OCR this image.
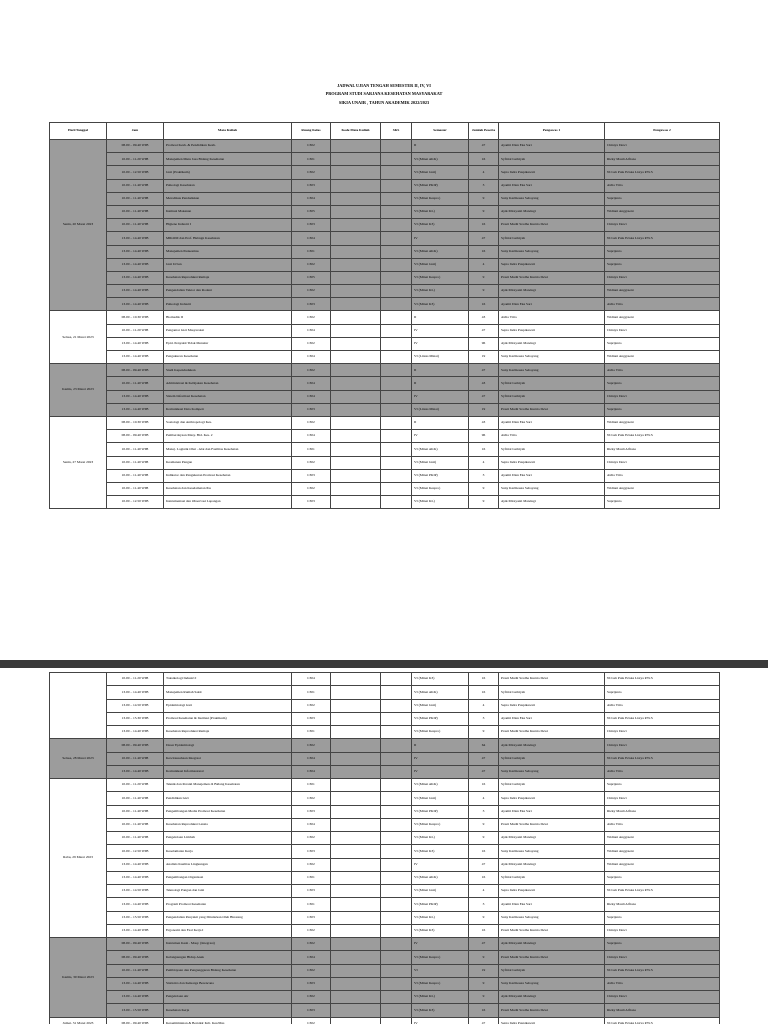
JADWAL UJIAN TENGAH SEMESTER II, IV, VI
PROGRAM STUDI SARJANA KESEHATAN MASYARAKAT
SIKIA UNAIR , TAHUN AKADEMIK 2022/2023
Hari/Tanggal	Jam	Mata Kuliah	Ruang Kelas	Kode Mata Kuliah	SKS	Semester	Jumlah Peserta	Pengawas 1	Pengawas 2
Senin, 20 Maret 2023	08.00 – 09.40 WIB	Promosi Kesh. & Pendidikan Kesh.	C302			II	47	Ayamti Dian Eka Sari	Chintya Dewi
	10.00 – 11.20 WIB	Manajemen Mutu Jasa Bidang Kesehatan	C301			VI (Minat AKK)	16	Syfirial Luthiyah	Rizky Mauli Alfiona
	10.00 – 12.50 WIB	Gizi (Praktikum)	C302			VI (Minat Gizi)	4	Septa Indra Puspikawati	Ni Luh Putu Eriska Listya P.W.S
	10.00 – 11.40 WIB	Psikologi Kesehatan	C303			VI (Minat PKIP)	3	Ayamti Dian Eka Sari	Aldia Vrita
	10.00 – 11.40 WIB	Metodikus Pendudukan	C304			VI (Minat Kespro)	9	Suny Kartikasza Sebayang	Suprijanto
	10.00 – 11.40 WIB	Institusi Makanan	C305			VI (Minat KL)	9	Ayik Mirayanti Mandagi	Widiani Anggraeni
	10.00 – 11.40 WIB	Higiene Industri I	C303			VI (Minat K3)	16	Prasti Mudit Sradha Kurnia Dewi	Chintya Dewi
	13.00 – 14.40 WIB	MIKOM dan Prof. Hubngn Kesehatan	C304			IV	47	Syfirial Luthiyah	Ni Luh Putu Eriska Listya P.W.S
	13.00 – 14.40 WIB	Manajemen Puskesmas	C301			VI (Minat AKK)	16	Suny Kartikasza Sebayang	Suprijanto
	13.00 – 14.40 WIB	Gizi Urban	C302			VI (Minat Gizi)	4	Septa Indra Puspikawati	Suprijanto
	13.00 – 14.40 WIB	Kesehatan Reproduksi Remaja	C305			VI (Minat Kespro)	9	Prasti Mudit Sradha Kurnia Dewi	Chintya Dewi
	13.00 – 14.40 WIB	Pengendalian Vektor dan Rodent	C302			VI (Minat KL)	9	Ayik Mirayanti Mandagi	Widiani Anggraeni
	13.00 – 14.40 WIB	Psikologi Industri	C303			VI (Minat K3)	16	Ayamti Dian Eka Sari	Aldia Vrita
Selasa, 21 Maret 2023	08.00 – 10.30 WIB	Biomedik II	C302			II	43	Aldia Vrita	Widiani Anggraeni
	10.00 – 11.20 WIB	Pengantar Gizi Masyarakat	C304			IV	47	Septa Indra Puspikawati	Chintya Dewi
	13.00 – 14.40 WIB	Epid. Penyakit Tidak Menular	C302			IV	96	Ayik Mirayanti Mandagi	Suprijanto
	13.00 – 14.40 WIB	Pengukuran Kesehatan	C304			VI (Lintas Minat)	19	Suny Kartikasza Sebayang	Widiani Anggraeni
Kamis, 23 Maret 2023	08.00 – 09.40 WIB	Studi Kependudukan	C302			II	47	Suny Kartikasza Sebayang	Aldia Vrita
	10.00 – 11.40 WIB	Administrasi & Kebijakan Kesehatan	C304			II	43	Syfirial Luthiyah	Suprijanto
	13.00 – 14.40 WIB	Sistem Informasi Kesehatan	C304			IV	47	Syfirial Luthiyah	Chintya Dewi
	13.00 – 14.40 WIB	Komunikasi Data Kompetr	C303			VI (Lintas Minat)	19	Prasti Mudit Sradha Kurnia Dewi	Suprijanto
Senin, 27 Maret 2023	08.00 – 10.30 WIB	Sosiologi dan Anthropologi Kes.	C302			II	43	Ayamti Dian Eka Sari	Widiani Anggraeni
	08.00 – 09.40 WIB	Pemberdayaan Masy. Bid. Kes. 2	C304			IV	96	Aldia Vrita	Ni Luh Putu Eriska Listya P.W.S
	10.00 – 11.40 WIB	Manaj. Logistik Obat . Alat dan Fasilitas Kesehatan	C301			VI (Minat AKK)	16	Syfirial Luthiyah	Rizky Mauli Alfiona
	10.00 – 11.40 WIB	Keamanan Pangan	C302			VI (Minat Gizi)	4	Septa Indra Puspikawati	Chintya Dewi
	10.00 – 11.40 WIB	Indikator dan Pengukuran Promosi Kesehatan	C303			VI (Minat PKIP)	3	Ayamti Dian Eka Sari	Aldia Vrita
	10.00 – 11.40 WIB	Kesehatan dan Keselamatan Ibu	C302			VI (Minat Kespro)	9	Suny Kartikasza Sebayang	Widiani Anggraeni
	10.00 – 12.50 WIB	Instrumentasi dan Observasi Lapangan	C303			VI (Minat KL)	9	Ayik Mirayanti Mandagi	Suprijanto
	10.00 – 11.20 WIB	Toksikologi Industri I	C304			VI (Minat K3)	16	Prasti Mudit Sradha Kurnia Dewi	Ni Luh Putu Eriska Listya P.W.S
	13.00 – 14.40 WIB	Manajemen Rumah Sakit	C301			VI (Minat AKK)	16	Syfirial Luthiyah	Suprijanto
	13.00 – 14.50 WIB	Epidemiologi Gizi	C302			VI (Minat Gizi)	4	Septa Indra Puspikawati	Aldia Vrita
	13.00 – 15.30 WIB	Promosi Kesehatan & Institusi (Praktikum)	C303			VI (Minat PKIP)	3	Ayamti Dian Eka Sari	Ni Luh Putu Eriska Listya P.W.S
	13.00 – 14.40 WIB	Kesehatan Reproduksi Remaja	C301			VI (Minat Kespro)	9	Prasti Mudit Sradha Kurnia Dewi	Chintya Dewi
Selasa, 28 Maret 2023	08.00 – 09.40 WIB	Dasar Epidemiologi	C302			II	64	Ayik Mirayanti Mandagi	Chintya Dewi
	10.00 – 11.40 WIB	Kewirausahaan Integrasi	C304			IV	47	Syfirial Luthiyah	Ni Luh Putu Eriska Listya P.W.S
	13.00 – 14.40 WIB	Komunikasi Informasional	C304			IV	47	Suny Kartikasza Sebayang	Aldia Vrita
Rabu, 29 Maret 2023	10.00 – 11.20 WIB	Teknik dan Peranti Manajemen di Bidang Kesehatan	C301			VI (Minat AKK)	16	Syfirial Luthiyah	Suprijanto
	10.00 – 11.40 WIB	Pendidikan Gizi	C302			VI (Minat Gizi)	4	Septa Indra Puspikawati	Chintya Dewi
	10.00 – 11.40 WIB	Pengembangan Media Promosi Kesehatan	C303			VI (Minat PKIP)	3	Ayamti Dian Eka Sari	Rizky Mauli Alfiona
	10.00 – 11.40 WIB	Kesehatan Reproduksi Lansia	C304			VI (Minat Kespro)	9	Prasti Mudit Sradha Kurnia Dewi	Aldia Vrita
	10.00 – 11.40 WIB	Pengelolaan Limbah	C302			VI (Minat KL)	9	Ayik Mirayanti Mandagi	Widiani Anggraeni
	10.00 – 12.50 WIB	Keselamatan Kerja	C303			VI (Minat K3)	16	Suny Kartikasza Sebayang	Widiani Anggraeni
	13.00 – 14.40 WIB	Analisis Kualitas Lingkungan	C302			IV	47	Ayik Mirayanti Mandagi	Widiani Anggraeni
	13.00 – 14.40 WIB	Pengembangan Organisasi	C301			VI (Minat AKK)	16	Syfirial Luthiyah	Suprijanto
	13.00 – 14.50 WIB	Teknologi Pangan dan Gizi	C303			VI (Minat Gizi)	4	Septa Indra Puspikawati	Ni Luh Putu Eriska Listya P.W.S
	13.00 – 14.40 WIB	Program Promosi Kesehatan	C301			VI (Minat PKIP)	3	Ayamti Dian Eka Sari	Rizky Mauli Alfiona
	13.00 – 15.50 WIB	Pengendalian Penyakit yang Ditularkan Oleh Binatang	C303			VI (Minat KL)	9	Suny Kartikasza Sebayang	Suprijanto
	13.00 – 14.40 WIB	Ergonomi dan Faal Kerja I	C302			VI (Minat K3)	16	Prasti Mudit Sradha Kurnia Dewi	Chintya Dewi
Kamis, 30 Maret 2023	08.00 – 09.40 WIB	Instrumen Kesh . Masy. (Integrasi)	C302			IV	47	Ayik Mirayanti Mandagi	Suprijanto
	08.00 – 09.40 WIB	Kelangsungan Hidup Anak	C304			VI (Minat Kespro)	9	Prasti Mudit Sradha Kurnia Dewi	Chintya Dewi
	10.00 – 11.40 WIB	Pembiayaan dan Penganggaran Bidang Kesehatan	C302			VI	19	Syfirial Luthiyah	Ni Luh Putu Eriska Listya P.W.S
	13.00 – 14.40 WIB	Statistics dan Keluarga Berencana	C303			VI (Minat Kespro)	9	Suny Kartikasza Sebayang	Aldia Vrita
	13.00 – 14.40 WIB	Pengelolaan Air	C302			VI (Minat KL)	9	Ayik Mirayanti Mandagi	Chintya Dewi
	13.00 – 15.50 WIB	Kesehatan Kerja	C303			VI (Minat K3)	16	Prasti Mudit Sradha Kurnia Dewi	Rizky Mauli Alfiona
Jumat, 31 Maret 2023	08.00 – 09.40 WIB	Kepemimpinan & Berpikir Krit. Kes/Mas	C302			IV	47	Septa Indra Puspikawati	Ni Luh Putu Eriska Listya P.W.S
